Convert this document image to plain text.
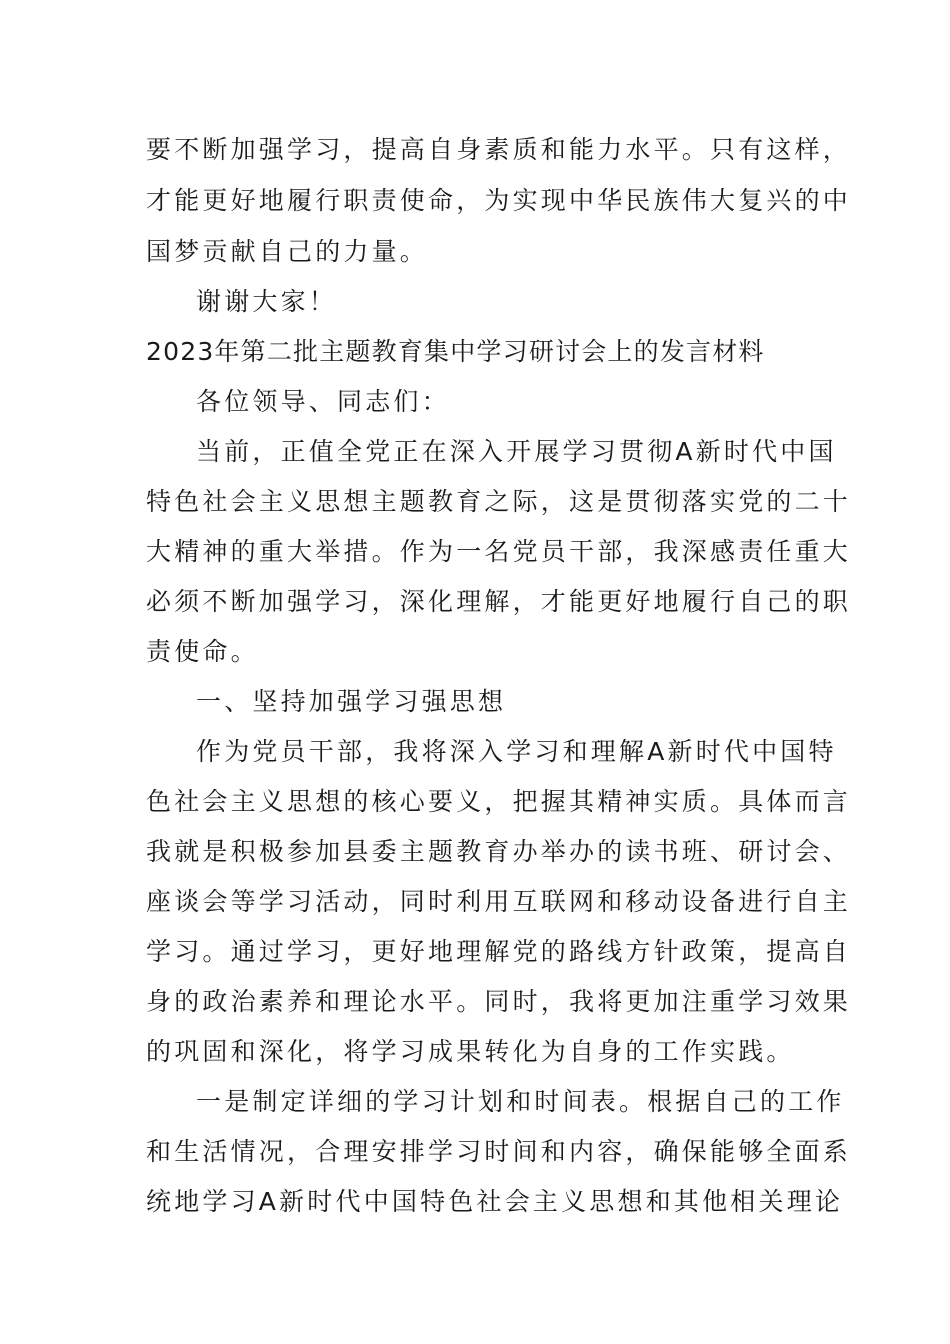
要不断加强学习，提高自身素质和能力水平。只有这样，
才能更好地履行职责使命，为实现中华民族伟大复兴的中
国梦贡献自己的力量。
谢谢大家！
2023年第二批主题教育集中学习研讨会上的发言材料
各位领导、同志们：
当前，正值全党正在深入开展学习贯彻A新时代中国
特色社会主义思想主题教育之际，这是贯彻落实党的二十
大精神的重大举措。作为一名党员干部，我深感责任重大
必须不断加强学习，深化理解，才能更好地履行自己的职
责使命。
一、坚持加强学习强思想
作为党员干部，我将深入学习和理解A新时代中国特
色社会主义思想的核心要义，把握其精神实质。具体而言
我就是积极参加县委主题教育办举办的读书班、研讨会、
座谈会等学习活动，同时利用互联网和移动设备进行自主
学习。通过学习，更好地理解党的路线方针政策，提高自
身的政治素养和理论水平。同时，我将更加注重学习效果
的巩固和深化，将学习成果转化为自身的工作实践。
一是制定详细的学习计划和时间表。根据自己的工作
和生活情况，合理安排学习时间和内容，确保能够全面系
统地学习A新时代中国特色社会主义思想和其他相关理论
